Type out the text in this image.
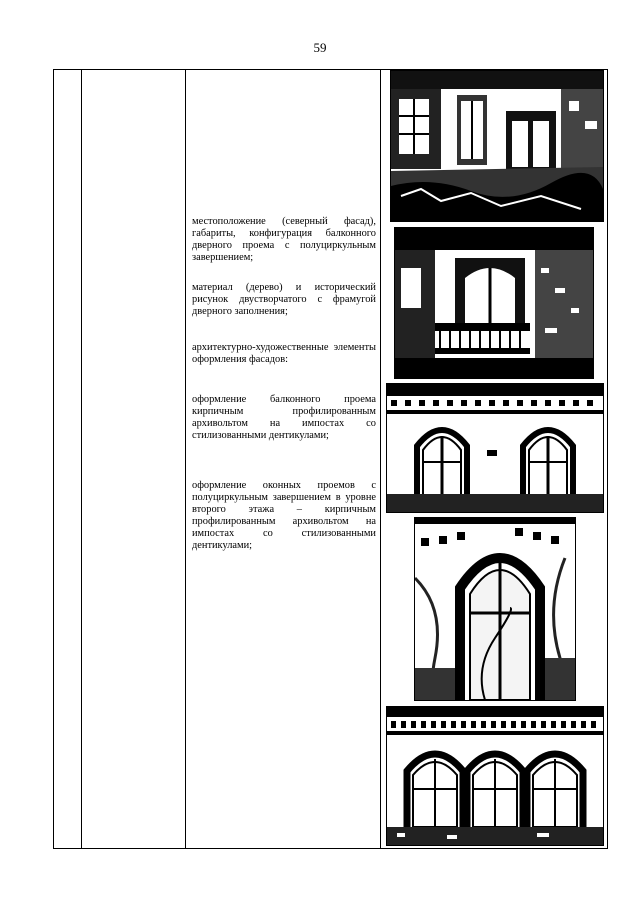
59

местоположение (северный фасад), габариты, конфигурация балконного дверного проема с полуциркульным завершением;

материал (дерево) и исторический рисунок двустворчатого с фрамугой дверного заполнения;

архитектурно-художественные элементы оформления фасадов:

оформление балконного проема кирпичным профилированным архивольтом на импостах со стилизованными дентикулами;

оформление оконных проемов с полуциркульным завершением в уровне второго этажа – кирпичным профилированным архивольтом на импостах со стилизованными дентикулами;
